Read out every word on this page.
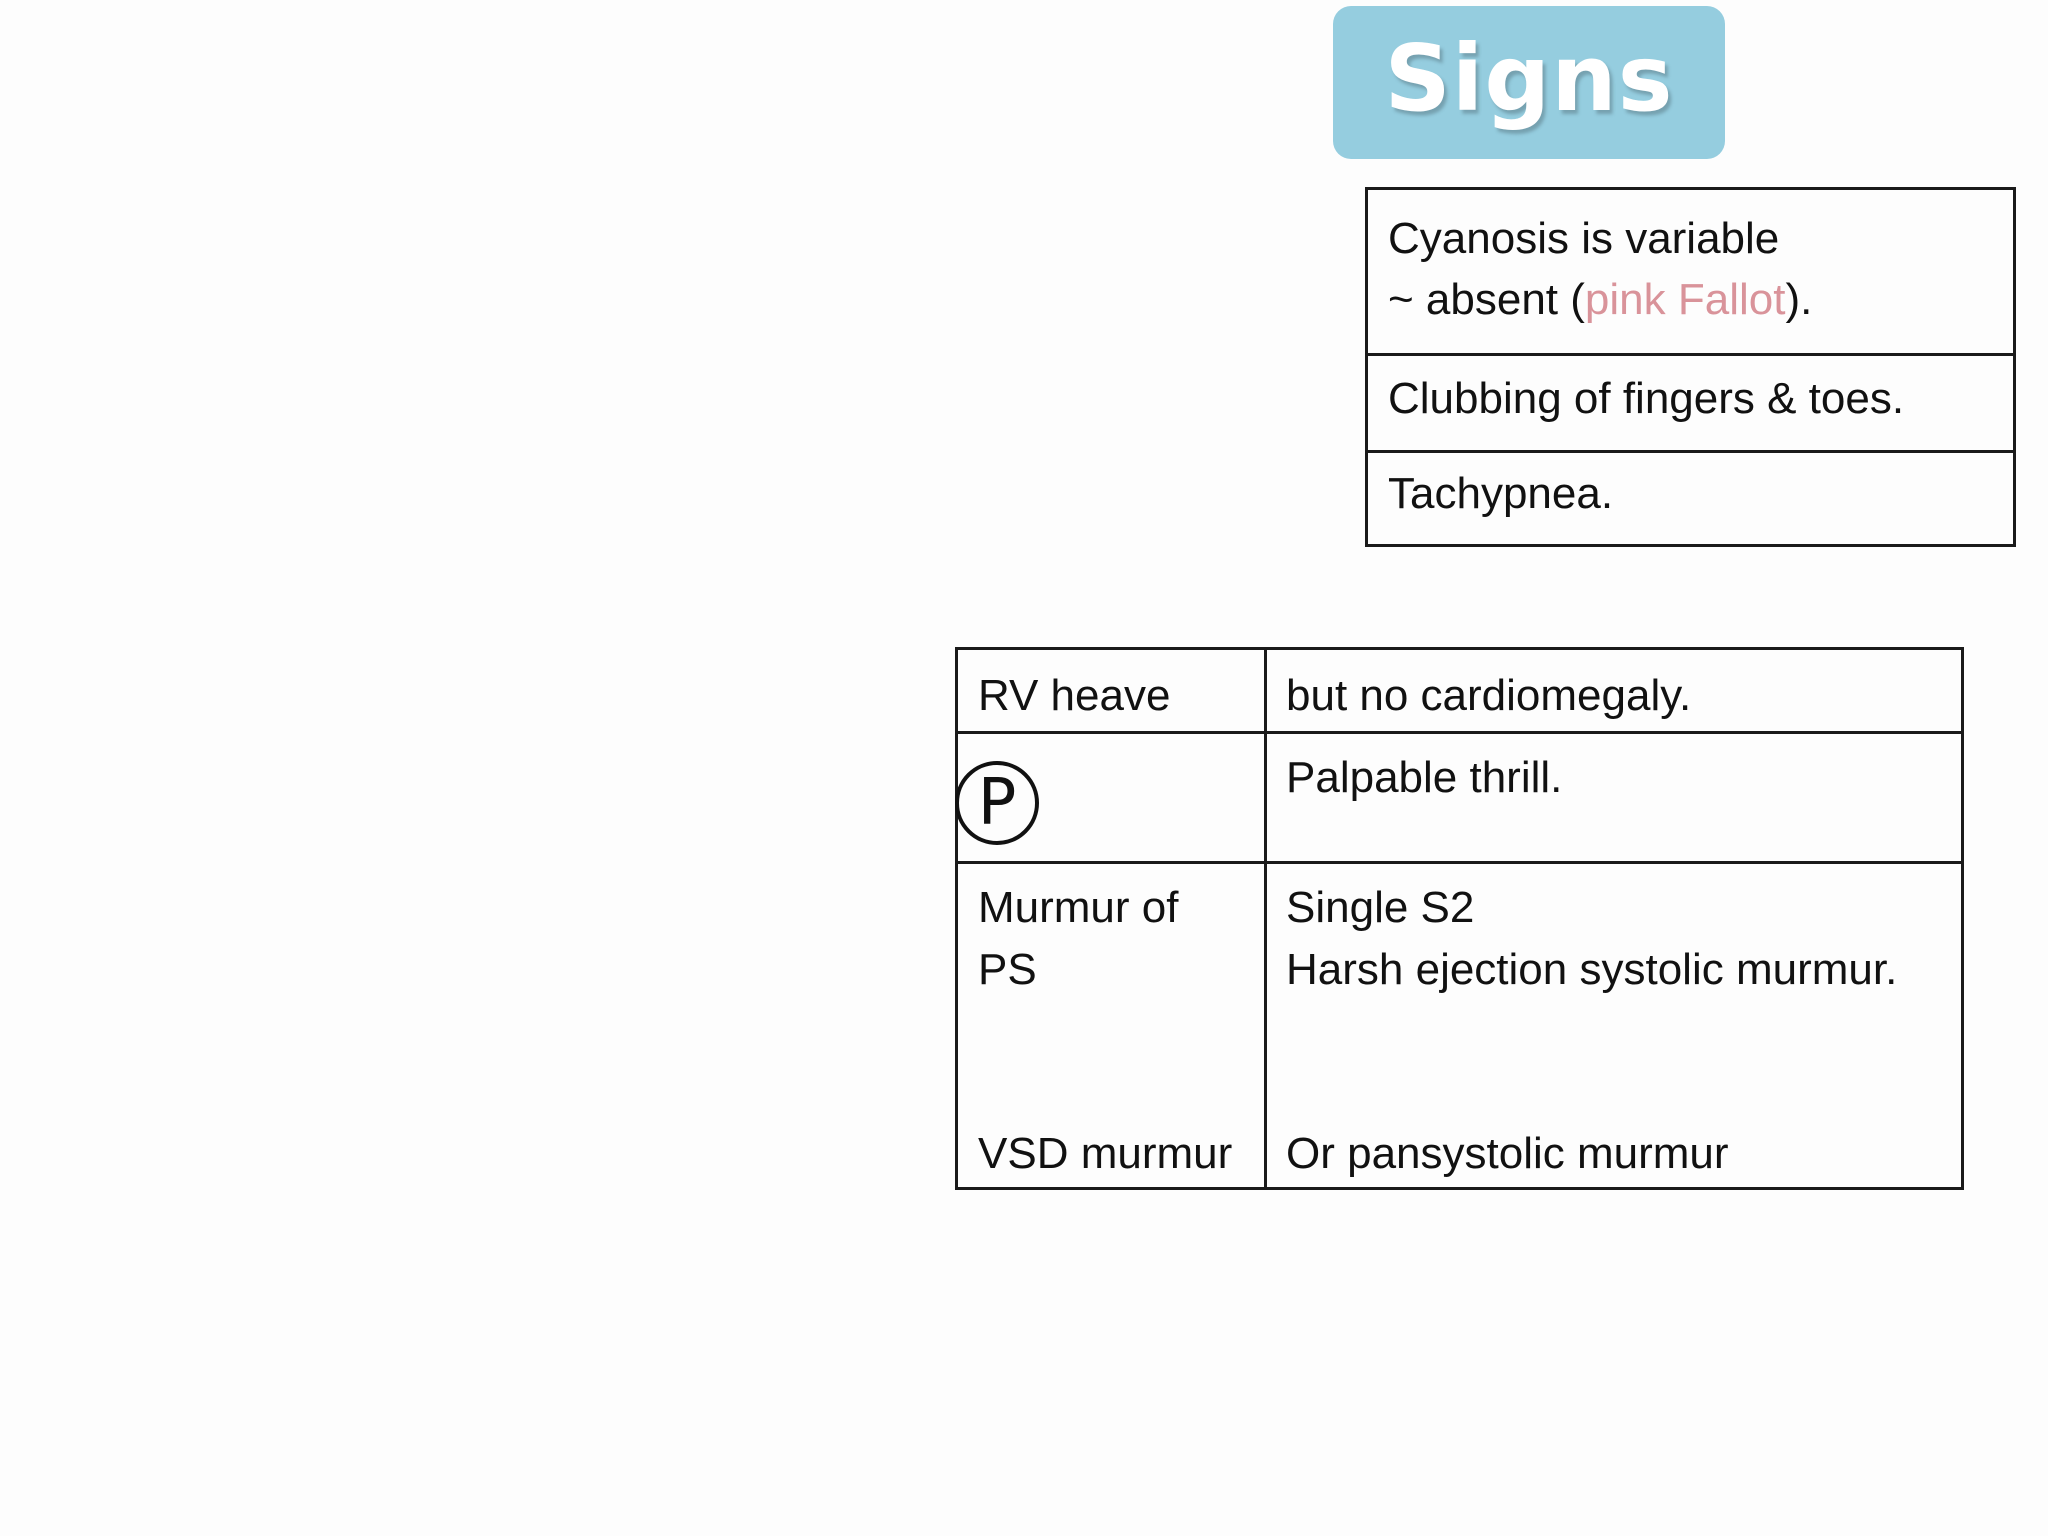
Signs
Cyanosis is variable
~ absent (pink Fallot).
Clubbing of fingers & toes.
Tachypnea.
RV heave	but no cardiomegaly.
P	Palpable thrill.
Murmur of
PS
VSD murmur
Single S2
Harsh ejection systolic murmur.
Or pansystolic murmur
